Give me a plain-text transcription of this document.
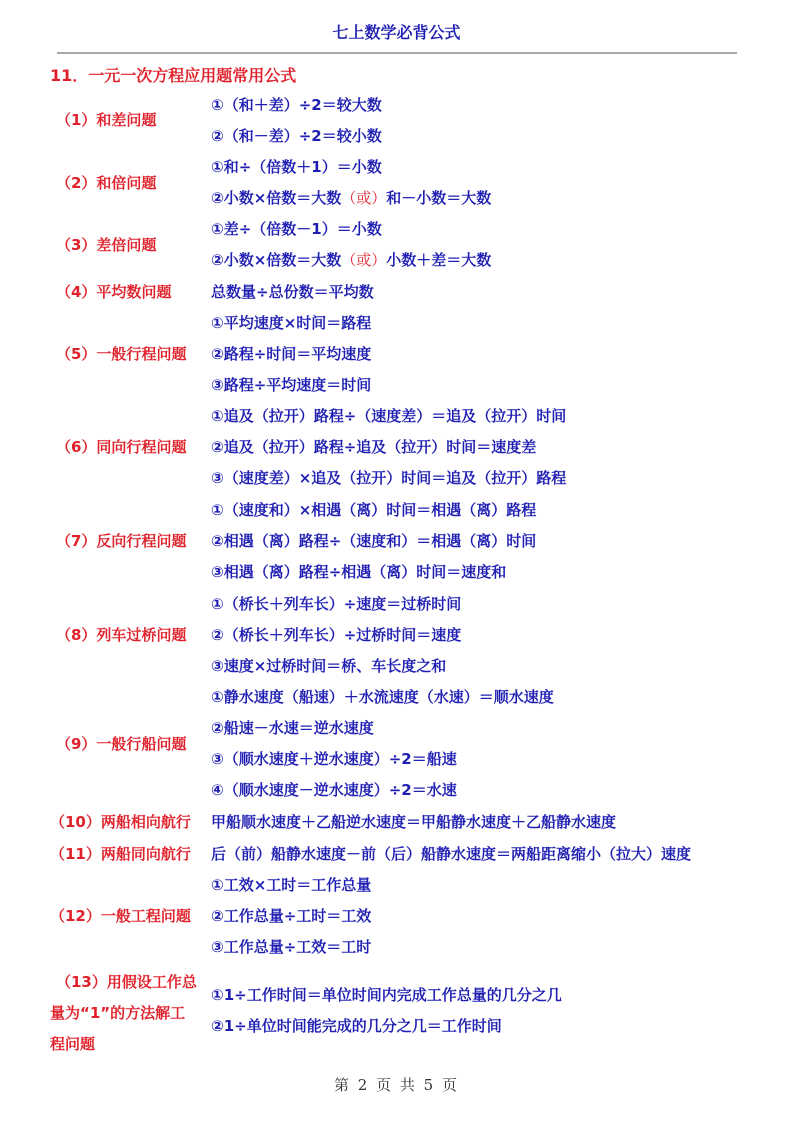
七上数学必背公式
11．一元一次方程应用题常用公式
（1）和差问题
①（和＋差）÷2＝较大数
②（和－差）÷2＝较小数
（2）和倍问题
①和÷（倍数＋1）＝小数
②小数×倍数＝大数（或）和－小数＝大数
（3）差倍问题
①差÷（倍数－1）＝小数
②小数×倍数＝大数（或）小数＋差＝大数
（4）平均数问题	总数量÷总份数＝平均数
（5）一般行程问题
①平均速度×时间＝路程
②路程÷时间＝平均速度
③路程÷平均速度＝时间
（6）同向行程问题
①追及（拉开）路程÷（速度差）＝追及（拉开）时间
②追及（拉开）路程÷追及（拉开）时间＝速度差
③（速度差）×追及（拉开）时间＝追及（拉开）路程
（7）反向行程问题
①（速度和）×相遇（离）时间＝相遇（离）路程
②相遇（离）路程÷（速度和）＝相遇（离）时间
③相遇（离）路程÷相遇（离）时间＝速度和
（8）列车过桥问题
①（桥长＋列车长）÷速度＝过桥时间
②（桥长＋列车长）÷过桥时间＝速度
③速度×过桥时间＝桥、车长度之和
（9）一般行船问题
①静水速度（船速）＋水流速度（水速）＝顺水速度
②船速－水速＝逆水速度
③（顺水速度＋逆水速度）÷2＝船速
④（顺水速度－逆水速度）÷2＝水速
（10）两船相向航行 甲船顺水速度＋乙船逆水速度＝甲船静水速度＋乙船静水速度
（11）两船同向航行 后（前）船静水速度－前（后）船静水速度＝两船距离缩小（拉大）速度
（12）一般工程问题
①工效×工时＝工作总量
②工作总量÷工时＝工效
③工作总量÷工效＝工时
（13）用假设工作总
量为“1”的方法解工
程问题
①1÷工作时间＝单位时间内完成工作总量的几分之几
②1÷单位时间能完成的几分之几＝工作时间
第 2 页 共 5 页
